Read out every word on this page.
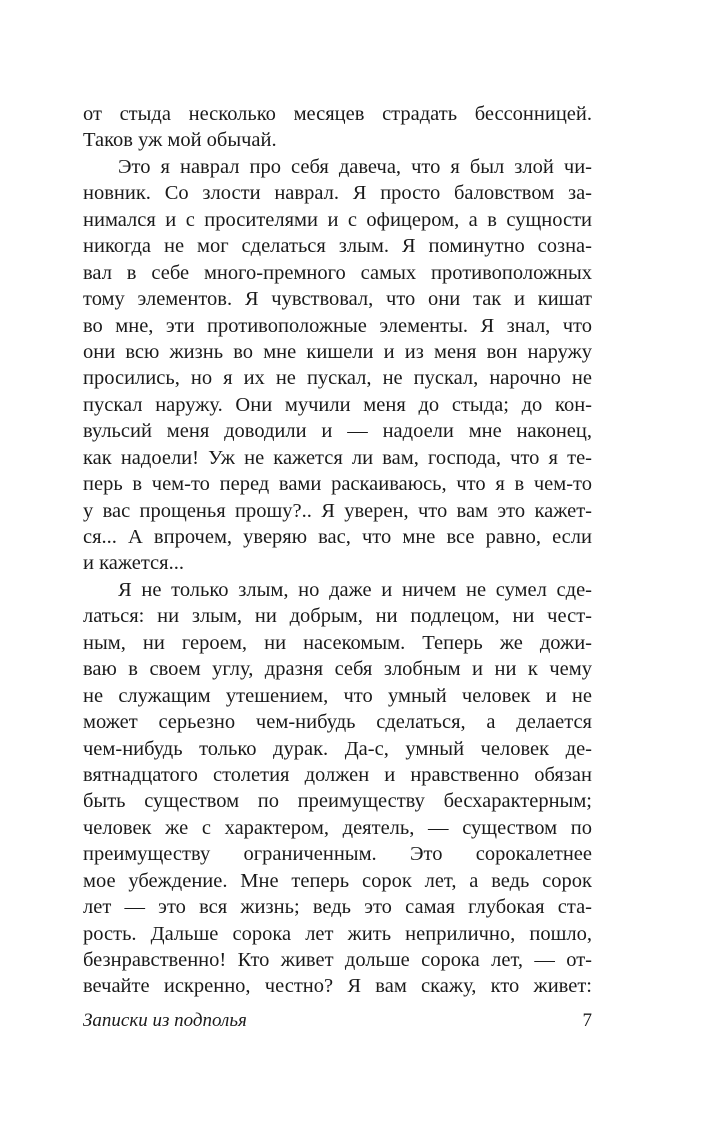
от стыда несколько месяцев страдать бессонницей.
Таков уж мой обычай.
Это я наврал про себя давеча, что я был злой чи-
новник. Со злости наврал. Я просто баловством за-
нимался и с просителями и с офицером, а в сущности
никогда не мог сделаться злым. Я поминутно созна-
вал в себе много-премного самых противоположных
тому элементов. Я чувствовал, что они так и кишат
во мне, эти противоположные элементы. Я знал, что
они всю жизнь во мне кишели и из меня вон наружу
просились, но я их не пускал, не пускал, нарочно не
пускал наружу. Они мучили меня до стыда; до кон-
вульсий меня доводили и — надоели мне наконец,
как надоели! Уж не кажется ли вам, господа, что я те-
перь в чем-то перед вами раскаиваюсь, что я в чем-то
у вас прощенья прошу?.. Я уверен, что вам это кажет-
ся... А впрочем, уверяю вас, что мне все равно, если
и кажется...
Я не только злым, но даже и ничем не сумел сде-
латься: ни злым, ни добрым, ни подлецом, ни чест-
ным, ни героем, ни насекомым. Теперь же дожи-
ваю в своем углу, дразня себя злобным и ни к чему
не служащим утешением, что умный человек и не
может серьезно чем-нибудь сделаться, а делается
чем-нибудь только дурак. Да-с, умный человек де-
вятнадцатого столетия должен и нравственно обязан
быть существом по преимуществу бесхарактерным;
человек же с характером, деятель, — существом по
преимуществу ограниченным. Это сорокалетнее
мое убеждение. Мне теперь сорок лет, а ведь сорок
лет — это вся жизнь; ведь это самая глубокая ста-
рость. Дальше сорока лет жить неприлично, пошло,
безнравственно! Кто живет дольше сорока лет, — от-
вечайте искренно, честно? Я вам скажу, кто живет:
Записки из подполья	7
